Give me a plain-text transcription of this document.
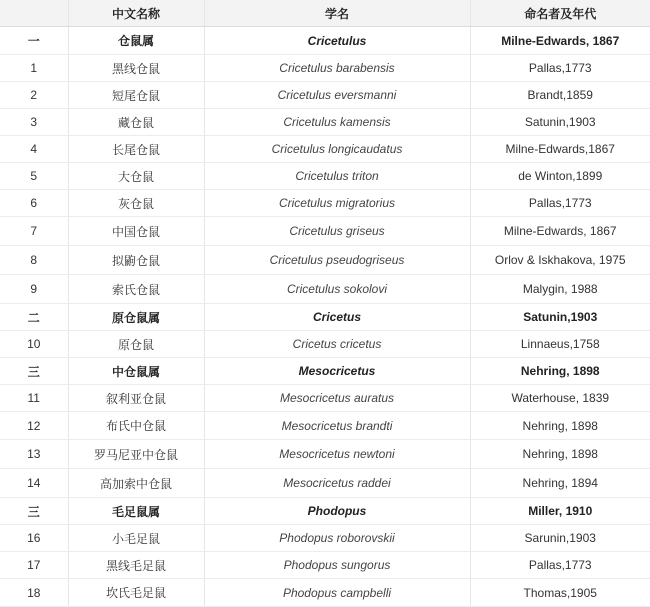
	中文名称	学名	命名者及年代
一	仓鼠属	Cricetulus	Milne-Edwards, 1867
1	黑线仓鼠	Cricetulus barabensis	Pallas,1773
2	短尾仓鼠	Cricetulus eversmanni	Brandt,1859
3	藏仓鼠	Cricetulus kamensis	Satunin,1903
4	长尾仓鼠	Cricetulus longicaudatus	Milne-Edwards,1867
5	大仓鼠	Cricetulus triton	de Winton,1899
6	灰仓鼠	Cricetulus migratorius	Pallas,1773
7	中国仓鼠	Cricetulus griseus	Milne-Edwards, 1867
8	拟鼩仓鼠	Cricetulus pseudogriseus	Orlov & Iskhakova, 1975
9	索氏仓鼠	Cricetulus sokolovi	Malygin, 1988
二	原仓鼠属	Cricetus	Satunin,1903
10	原仓鼠	Cricetus cricetus	Linnaeus,1758
三	中仓鼠属	Mesocricetus	Nehring, 1898
11	叙利亚仓鼠	Mesocricetus auratus	Waterhouse, 1839
12	布氏中仓鼠	Mesocricetus brandti	Nehring, 1898
13	罗马尼亚中仓鼠	Mesocricetus newtoni	Nehring, 1898
14	高加索中仓鼠	Mesocricetus raddei	Nehring, 1894
三	毛足鼠属	Phodopus	Miller, 1910
16	小毛足鼠	Phodopus roborovskii	Sarunin,1903
17	黑线毛足鼠	Phodopus sungorus	Pallas,1773
18	坎氏毛足鼠	Phodopus campbelli	Thomas,1905
